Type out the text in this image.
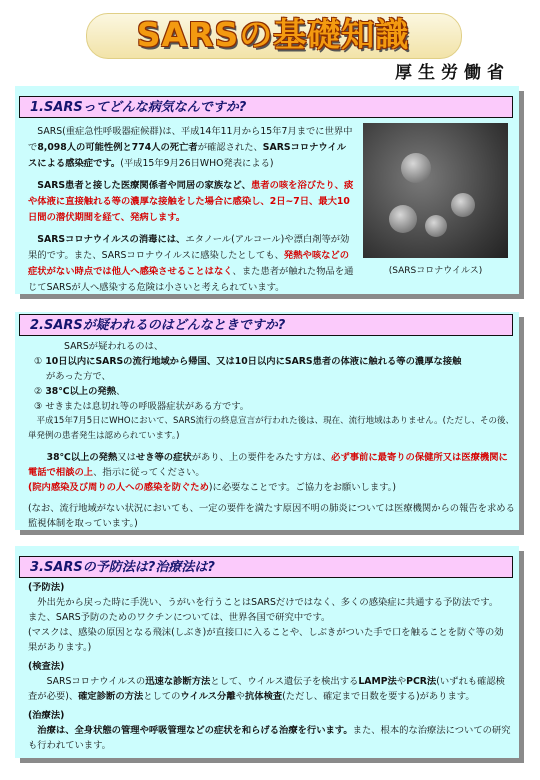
SARSの基礎知識
厚生労働省
1.SARSってどんな病気なんですか?

SARS(重症急性呼吸器症候群)は、平成14年11月から15年7月までに世界中で8,098人の可能性例と774人の死亡者が確認された、SARSコロナウイルスによる感染症です。(平成15年9月26日WHO発表による)

SARS患者と接した医療関係者や同居の家族など、患者の咳を浴びたり、痰や体液に直接触れる等の濃厚な接触をした場合に感染し、2日~7日、最大10日間の潜伏期間を経て、発病します。

SARSコロナウイルスの消毒には、エタノール(アルコール)や漂白剤等が効果的です。また、SARSコロナウイルスに感染したとしても、発熱や咳などの症状がない時点では他人へ感染させることはなく、また患者が触れた物品を通じてSARSが人へ感染する危険は小さいと考えられています。

(SARSコロナウイルス)
2.SARSが疑われるのはどんなときですか?

SARSが疑われるのは、

① 10日以内にSARSの流行地域から帰国、又は10日以内にSARS患者の体液に触れる等の濃厚な接触
があった方で、

② 38℃以上の発熱、

③ せきまたは息切れ等の呼吸器症状がある方です。

平成15年7月5日にWHOにおいて、SARS流行の終息宣言が行われた後は、現在、流行地域はありません。(ただし、その後、単発例の患者発生は認められています。)

38℃以上の発熱又はせき等の症状があり、上の要件をみたす方は、必ず事前に最寄りの保健所又は医療機関に電話で相談の上、指示に従ってください。
(院内感染及び周りの人への感染を防ぐため)に必要なことです。ご協力をお願いします。)

(なお、流行地域がない状況においても、一定の要件を満たす原因不明の肺炎については医療機関からの報告を求める監視体制を取っています。)

3.SARSの予防法は?治療法は?

(予防法)

外出先から戻った時に手洗い、うがいを行うことはSARSだけではなく、多くの感染症に共通する予防法です。

また、SARS予防のためのワクチンについては、世界各国で研究中です。

(マスクは、感染の原因となる飛沫(しぶき)が直接口に入ることや、しぶきがついた手で口を触ることを防ぐ等の効果があります。)

(検査法)

SARSコロナウイルスの迅速な診断方法として、ウイルス遺伝子を検出するLAMP法やPCR法(いずれも確認検査が必要)、確定診断の方法としてのウイルス分離や抗体検査(ただし、確定まで日数を要する)があります。

(治療法)

治療は、全身状態の管理や呼吸管理などの症状を和らげる治療を行います。また、根本的な治療法についての研究も行われています。
